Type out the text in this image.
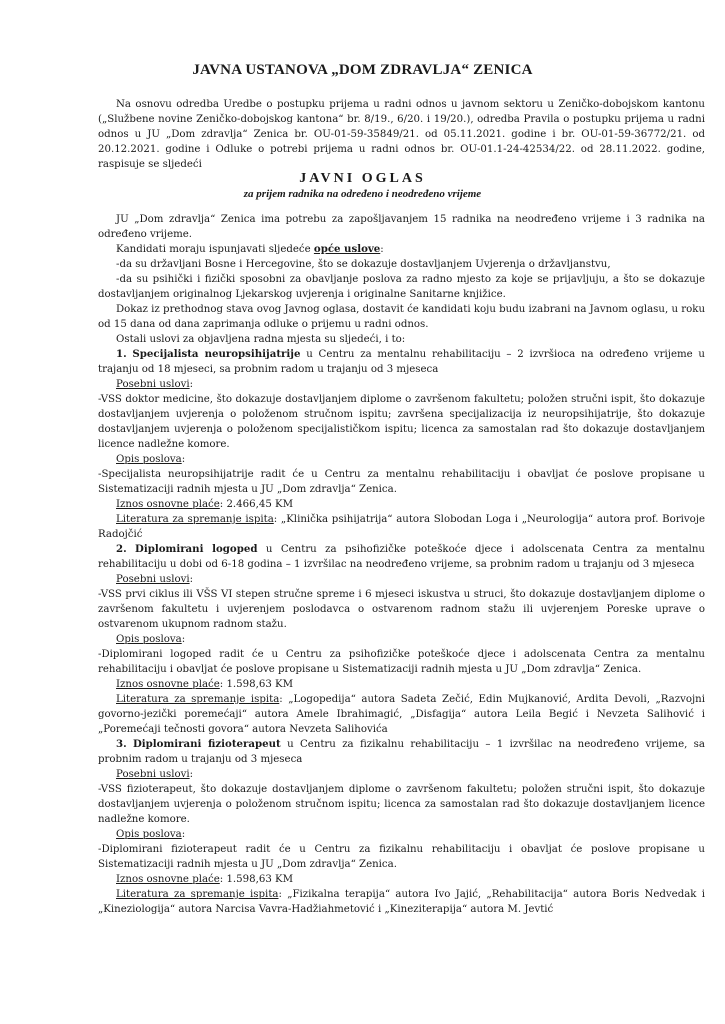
JAVNA USTANOVA „DOM ZDRAVLJA“ ZENICA

Na osnovu odredba Uredbe o postupku prijema u radni odnos u javnom sektoru u Zeničko-dobojskom kantonu („Službene novine Zeničko-dobojskog kantona“ br. 8/19., 6/20. i 19/20.), odredba Pravila o postupku prijema u radni odnos u JU „Dom zdravlja“ Zenica br. OU-01-59-35849/21. od 05.11.2021. godine i br. OU-01-59-36772/21. od 20.12.2021. godine i Odluke o potrebi prijema u radni odnos br. OU-01.1-24-42534/22. od 28.11.2022. godine, raspisuje se sljedeći

JAVNI OGLAS
za prijem radnika na određeno i neodređeno vrijeme

JU „Dom zdravlja“ Zenica ima potrebu za zapošljavanjem 15 radnika na neodređeno vrijeme i 3 radnika na određeno vrijeme.

Kandidati moraju ispunjavati sljedeće opće uslove:

-da su državljani Bosne i Hercegovine, što se dokazuje dostavljanjem Uvjerenja o državljanstvu,

-da su psihički i fizički sposobni za obavljanje poslova za radno mjesto za koje se prijavljuju, a što se dokazuje dostavljanjem originalnog Ljekarskog uvjerenja i originalne Sanitarne knjižice.

Dokaz iz prethodnog stava ovog Javnog oglasa, dostavit će kandidati koju budu izabrani na Javnom oglasu, u roku od 15 dana od dana zaprimanja odluke o prijemu u radni odnos.

Ostali uslovi za objavljena radna mjesta su sljedeći, i to:

1. Specijalista neuropsihijatrije u Centru za mentalnu rehabilitaciju – 2 izvršioca na određeno vrijeme u trajanju od 18 mjeseci, sa probnim radom u trajanju od 3 mjeseca

Posebni uslovi:

-VSS doktor medicine, što dokazuje dostavljanjem diplome o završenom fakultetu; položen stručni ispit, što dokazuje dostavljanjem uvjerenja o položenom stručnom ispitu; završena specijalizacija iz neuropsihijatrije, što dokazuje dostavljanjem uvjerenja o položenom specijalističkom ispitu; licenca za samostalan rad što dokazuje dostavljanjem licence nadležne komore.

Opis poslova:

-Specijalista neuropsihijatrije radit će u Centru za mentalnu rehabilitaciju i obavljat će poslove propisane u Sistematizaciji radnih mjesta u JU „Dom zdravlja“ Zenica.

Iznos osnovne plaće: 2.466,45 KM

Literatura za spremanje ispita: „Klinička psihijatrija“ autora Slobodan Loga i „Neurologija“ autora prof. Borivoje Radojčić

2. Diplomirani logoped u Centru za psihofizičke poteškoće djece i adolscenata Centra za mentalnu rehabilitaciju u dobi od 6-18 godina – 1 izvršilac na neodređeno vrijeme, sa probnim radom u trajanju od 3 mjeseca

Posebni uslovi:

-VSS prvi ciklus ili VŠS VI stepen stručne spreme i 6 mjeseci iskustva u struci, što dokazuje dostavljanjem diplome o završenom fakultetu i uvjerenjem poslodavca o ostvarenom radnom stažu ili uvjerenjem Poreske uprave o ostvarenom ukupnom radnom stažu.

Opis poslova:

-Diplomirani logoped radit će u Centru za psihofizičke poteškoće djece i adolscenata Centra za mentalnu rehabilitaciju i obavljat će poslove propisane u Sistematizaciji radnih mjesta u JU „Dom zdravlja“ Zenica.

Iznos osnovne plaće: 1.598,63 KM

Literatura za spremanje ispita: „Logopedija“ autora Sadeta Zečić, Edin Mujkanović, Ardita Devoli, „Razvojni govorno-jezički poremećaji“ autora Amele Ibrahimagić, „Disfagija“ autora Leila Begić i Nevzeta Salihović i „Poremećaji tečnosti govora“ autora Nevzeta Salihovića

3. Diplomirani fizioterapeut u Centru za fizikalnu rehabilitaciju – 1 izvršilac na neodređeno vrijeme, sa probnim radom u trajanju od 3 mjeseca

Posebni uslovi:

-VSS fizioterapeut, što dokazuje dostavljanjem diplome o završenom fakultetu; položen stručni ispit, što dokazuje dostavljanjem uvjerenja o položenom stručnom ispitu; licenca za samostalan rad što dokazuje dostavljanjem licence nadležne komore.

Opis poslova:

-Diplomirani fizioterapeut radit će u Centru za fizikalnu rehabilitaciju i obavljat će poslove propisane u Sistematizaciji radnih mjesta u JU „Dom zdravlja“ Zenica.

Iznos osnovne plaće: 1.598,63 KM

Literatura za spremanje ispita: „Fizikalna terapija“ autora Ivo Jajić, „Rehabilitacija“ autora Boris Nedvedak i „Kineziologija“ autora Narcisa Vavra-Hadžiahmetović i „Kineziterapija“ autora M. Jevtić
